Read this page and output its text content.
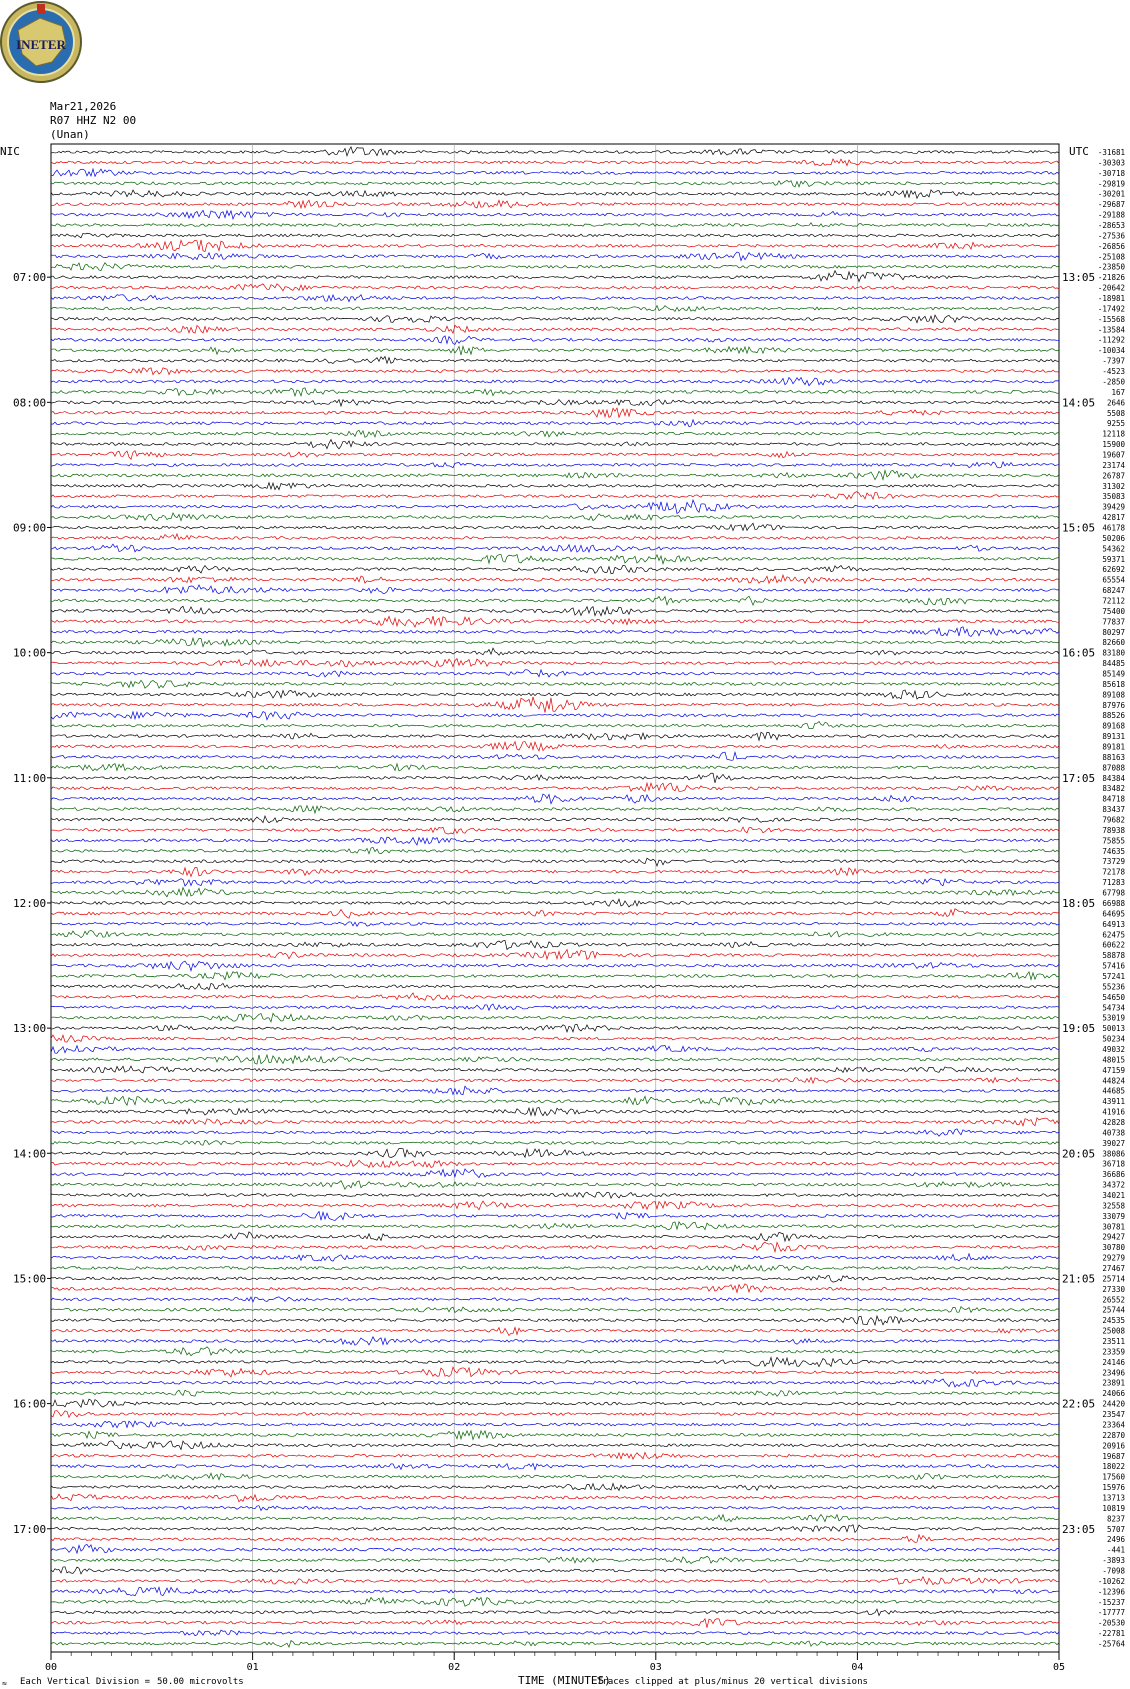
INETER
Mar21,2026
R07 HHZ N2 00
(Unan)
NIC	UTC
07:00
08:00
09:00
10:00
11:00
12:00
13:00
14:00
15:00
16:00
17:00
13:05
14:05
15:05
16:05
17:05
18:05
19:05
20:05
21:05
22:05
23:05
-31681
-30303
-30718
-29819
-30201
-29687
-29188
-28653
-27536
-26856
-25108
-23850
-21826
-20642
-18981
-17492
-15568
-13584
-11292
-10034
-7397
-4523
-2850
167
2646
5508
9255
12118
15900
19607
23174
26787
31302
35083
39429
42817
46178
50206
54362
59371
62692
65554
68247
72112
75400
77837
80297
82660
83180
84485
85149
85618
89108
87976
88526
89168
89131
89181
88163
87088
84384
83482
84718
83437
79682
78938
75855
74635
73729
72178
71283
67798
66988
64695
64913
62475
60622
58878
57416
57241
55236
54650
54734
53019
50013
50234
49032
48015
47159
44824
44685
43911
41916
42828
40738
39027
38086
36718
36686
34372
34021
32558
33079
30781
29427
30780
29279
27467
25714
27330
26552
25744
24535
25008
23511
23359
24146
23496
23891
24066
24420
23547
23364
22870
20916
19687
18022
17560
15976
13713
10819
8237
5707
2496
-441
-3893
-7098
-10262
-12396
-15237
-17777
-20530
-22781
-25764
00	01	02	03	04	05
≈ Each Vertical Division = 50.00 microvolts	TIME (MINUTES)
Traces clipped at plus/minus 20 vertical divisions
